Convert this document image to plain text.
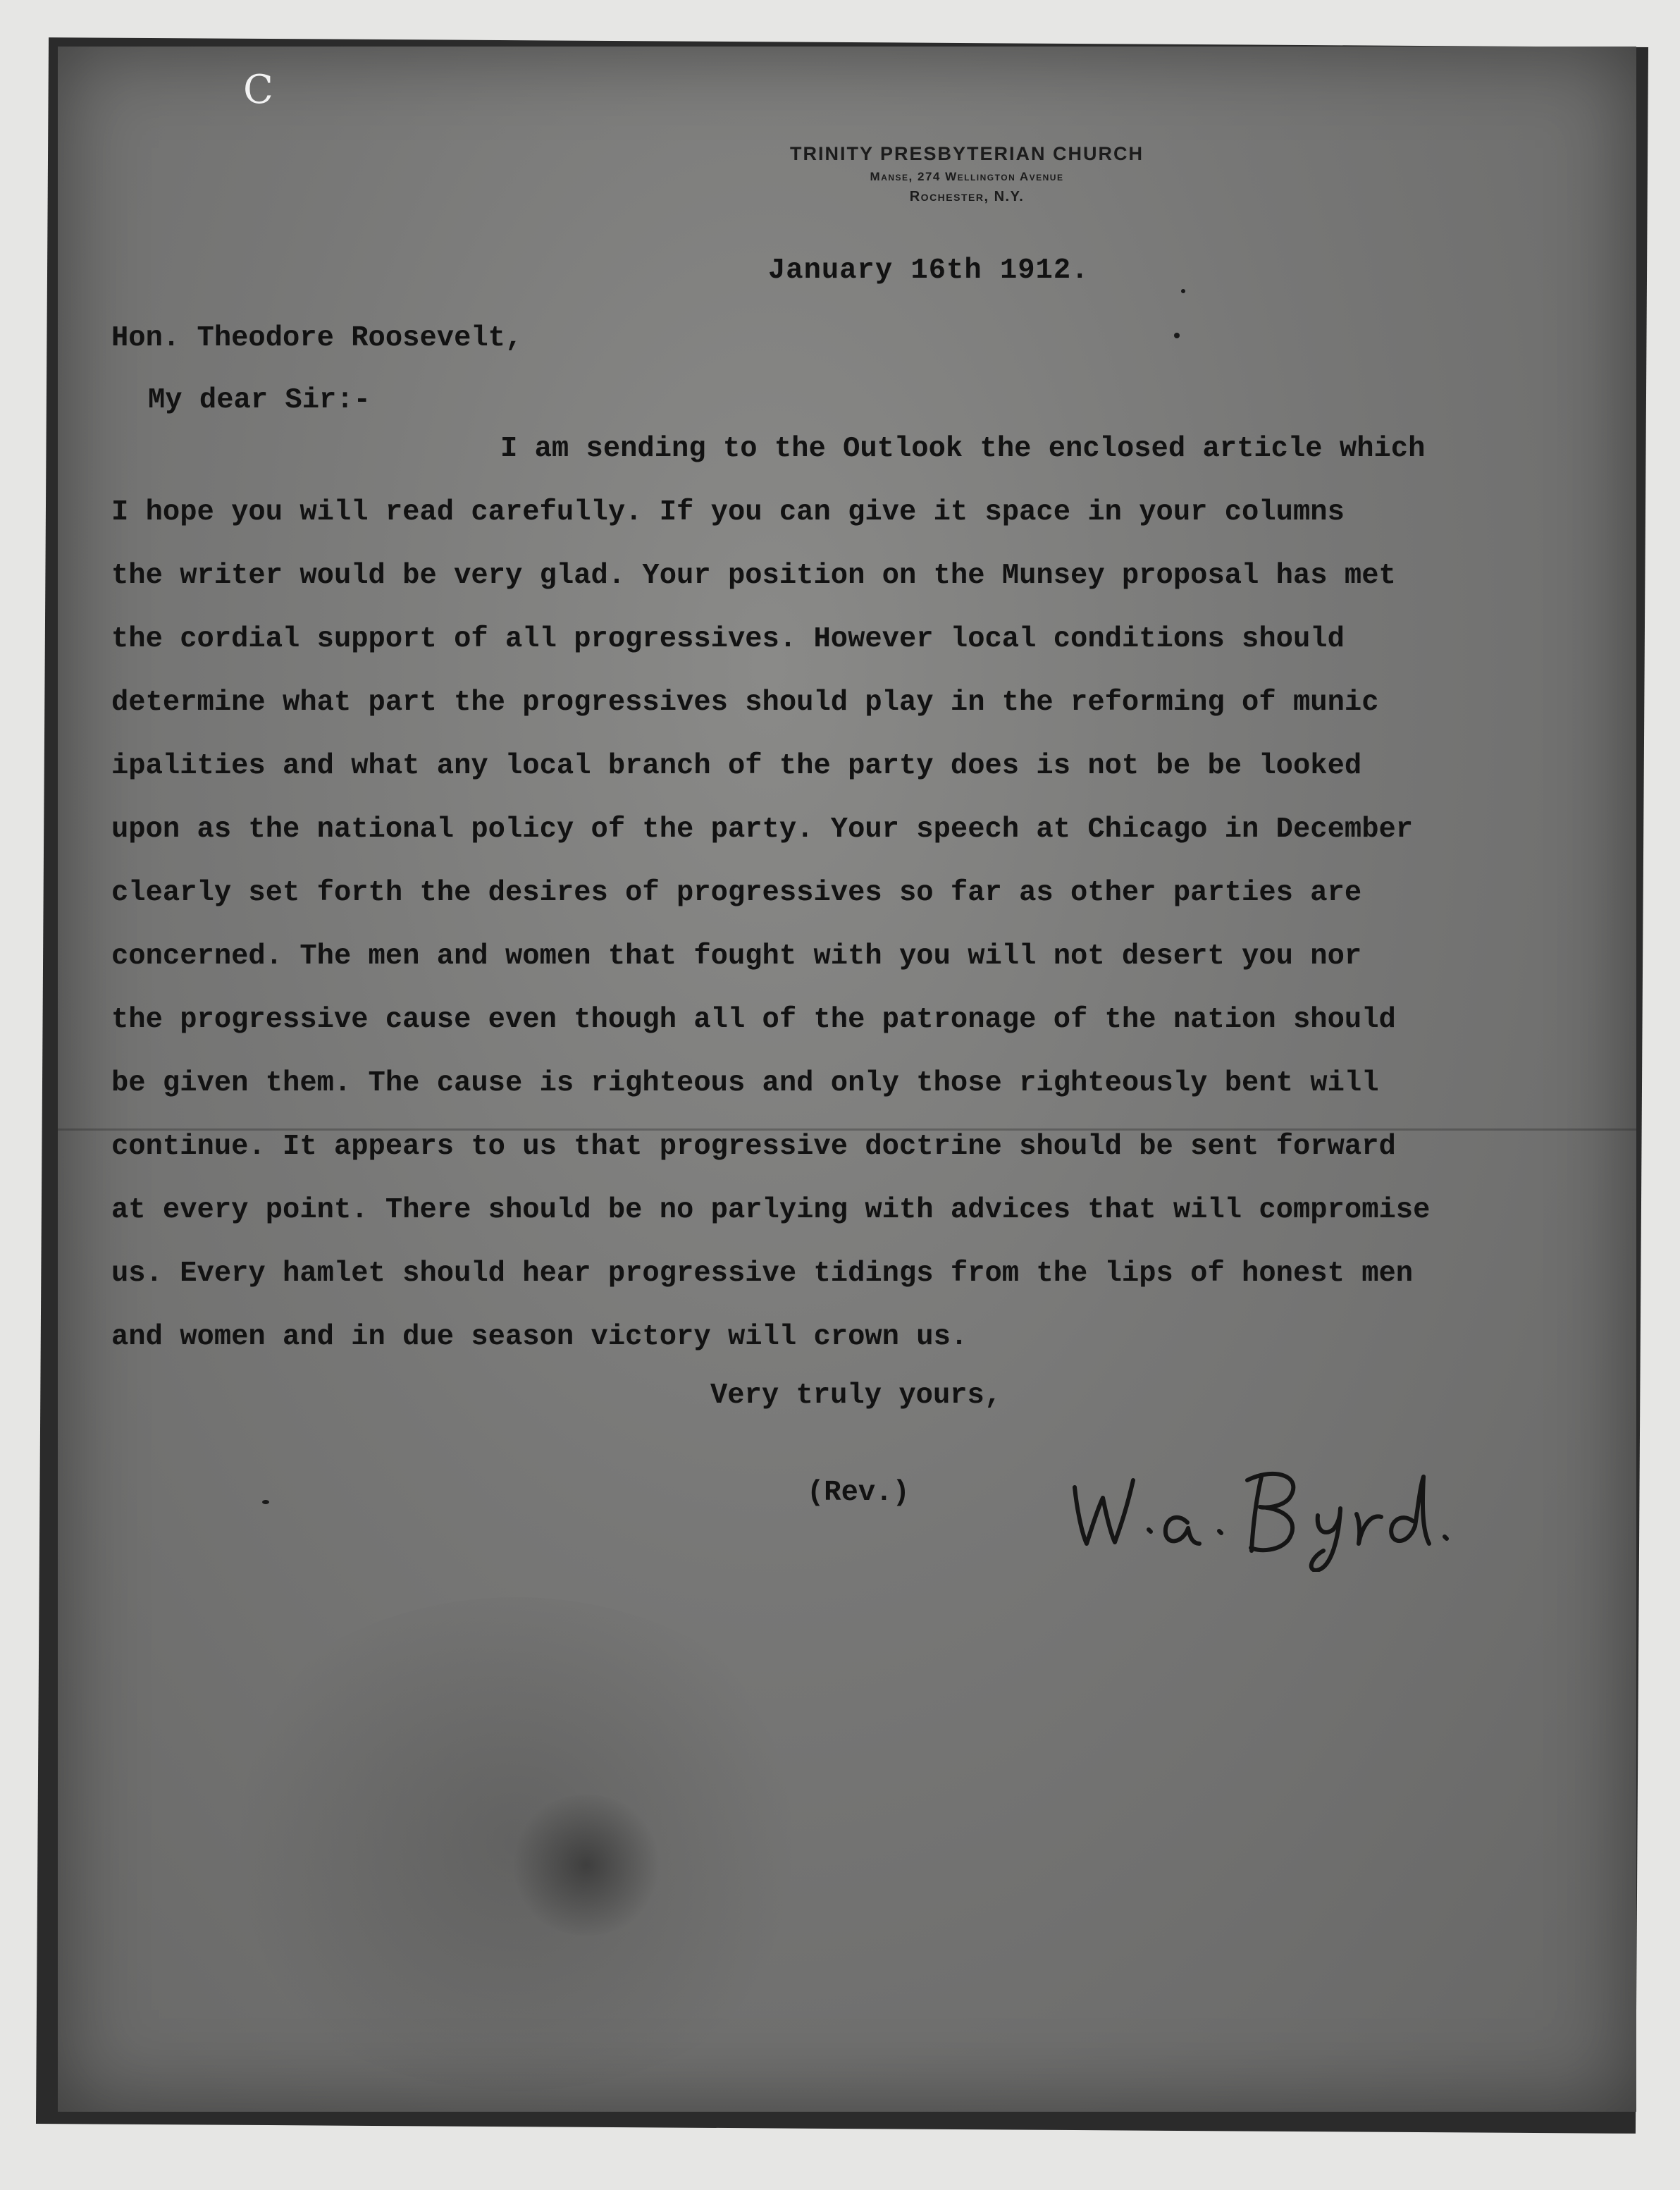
C
TRINITY PRESBYTERIAN CHURCH
Manse, 274 Wellington Avenue
Rochester, N.Y.
January 16th 1912.
Hon. Theodore Roosevelt,
My dear Sir:-
I am sending to the Outlook the enclosed article which
I hope you will read carefully. If you can give it space in your columns
the writer would be very glad. Your position on the Munsey proposal has met
the cordial support of all progressives. However local conditions should
determine what part the progressives should play in the reforming of munic
ipalities and what any local branch of the party does is not be be looked
upon as the national policy of the party. Your speech at Chicago in December
clearly set forth the desires of progressives so far as other parties are
concerned. The men and women that fought with you will not desert you nor
the progressive cause even though all of the patronage of the nation should
be given them. The cause is righteous and only those righteously bent will
continue. It appears to us that progressive doctrine should be sent forward
at every point. There should be no parlying with advices that will compromise
us. Every hamlet should hear progressive tidings from the lips of honest men
and women and in due season victory will crown us.
Very truly yours,
(Rev.)
